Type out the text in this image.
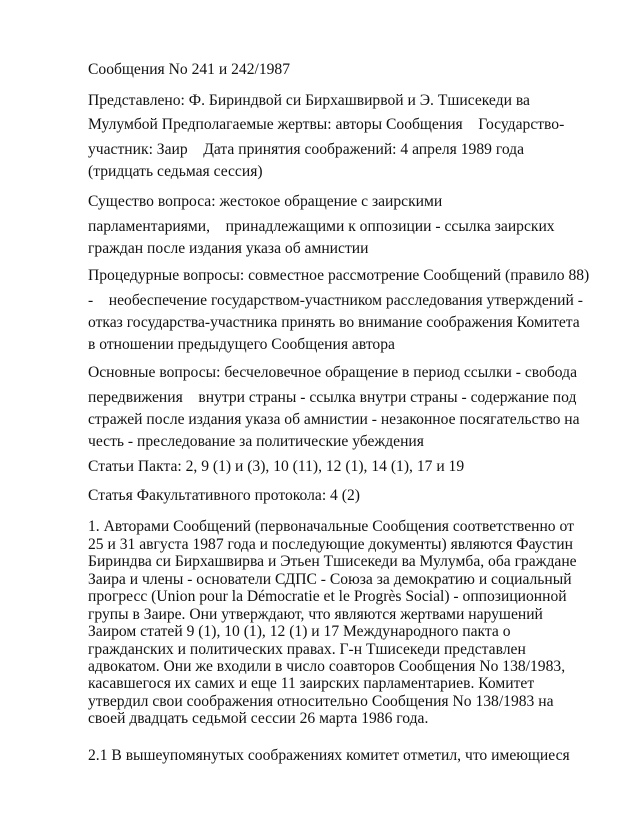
Сообщения No 241 и 242/1987
Представлено: Ф. Бириндвой си Бирхашвирвой и Э. Тшисекеди ва
Мулумбой Предполагаемые жертвы: авторы Сообщения    Государство-
участник: Заир    Дата принятия соображений: 4 апреля 1989 года
(тридцать седьмая сессия)
Существо вопроса: жестокое обращение с заирскими
парламентариями,    принадлежащими к оппозиции - ссылка заирских
граждан после издания указа об амнистии
Процедурные вопросы: совместное рассмотрение Сообщений (правило 88)
-    необеспечение государством-участником расследования утверждений -
отказ государства-участника принять во внимание соображения Комитета
в отношении предыдущего Сообщения автора
Основные вопросы: бесчеловечное обращение в период ссылки - свобода
передвижения    внутри страны - ссылка внутри страны - содержание под
стражей после издания указа об амнистии - незаконное посягательство на
честь - преследование за политические убеждения
Статьи Пакта: 2, 9 (1) и (3), 10 (11), 12 (1), 14 (1), 17 и 19
Статья Факультативного протокола: 4 (2)
1. Авторами Сообщений (первоначальные Сообщения соответственно от
25 и 31 августа 1987 года и последующие документы) являются Фаустин
Бириндва си Бирхашвирва и Этьен Тшисекеди ва Мулумба, оба граждане
Заира и члены - основатели СДПС - Союза за демократию и социальный
прогресс (Union pour la Démocratie et le Progrès Social) - оппозиционной
групы в Заире. Они утверждают, что являются жертвами нарушений
Заиром статей 9 (1), 10 (1), 12 (1) и 17 Международного пакта о
гражданских и политических правах. Г-н Тшисекеди представлен
адвокатом. Они же входили в число соавторов Сообщения No 138/1983,
касавшегося их самих и еще 11 заирских парламентариев. Комитет
утвердил свои соображения относительно Сообщения No 138/1983 на
своей двадцать седьмой сессии 26 марта 1986 года.
2.1 В вышеупомянутых соображениях комитет отметил, что имеющиеся
